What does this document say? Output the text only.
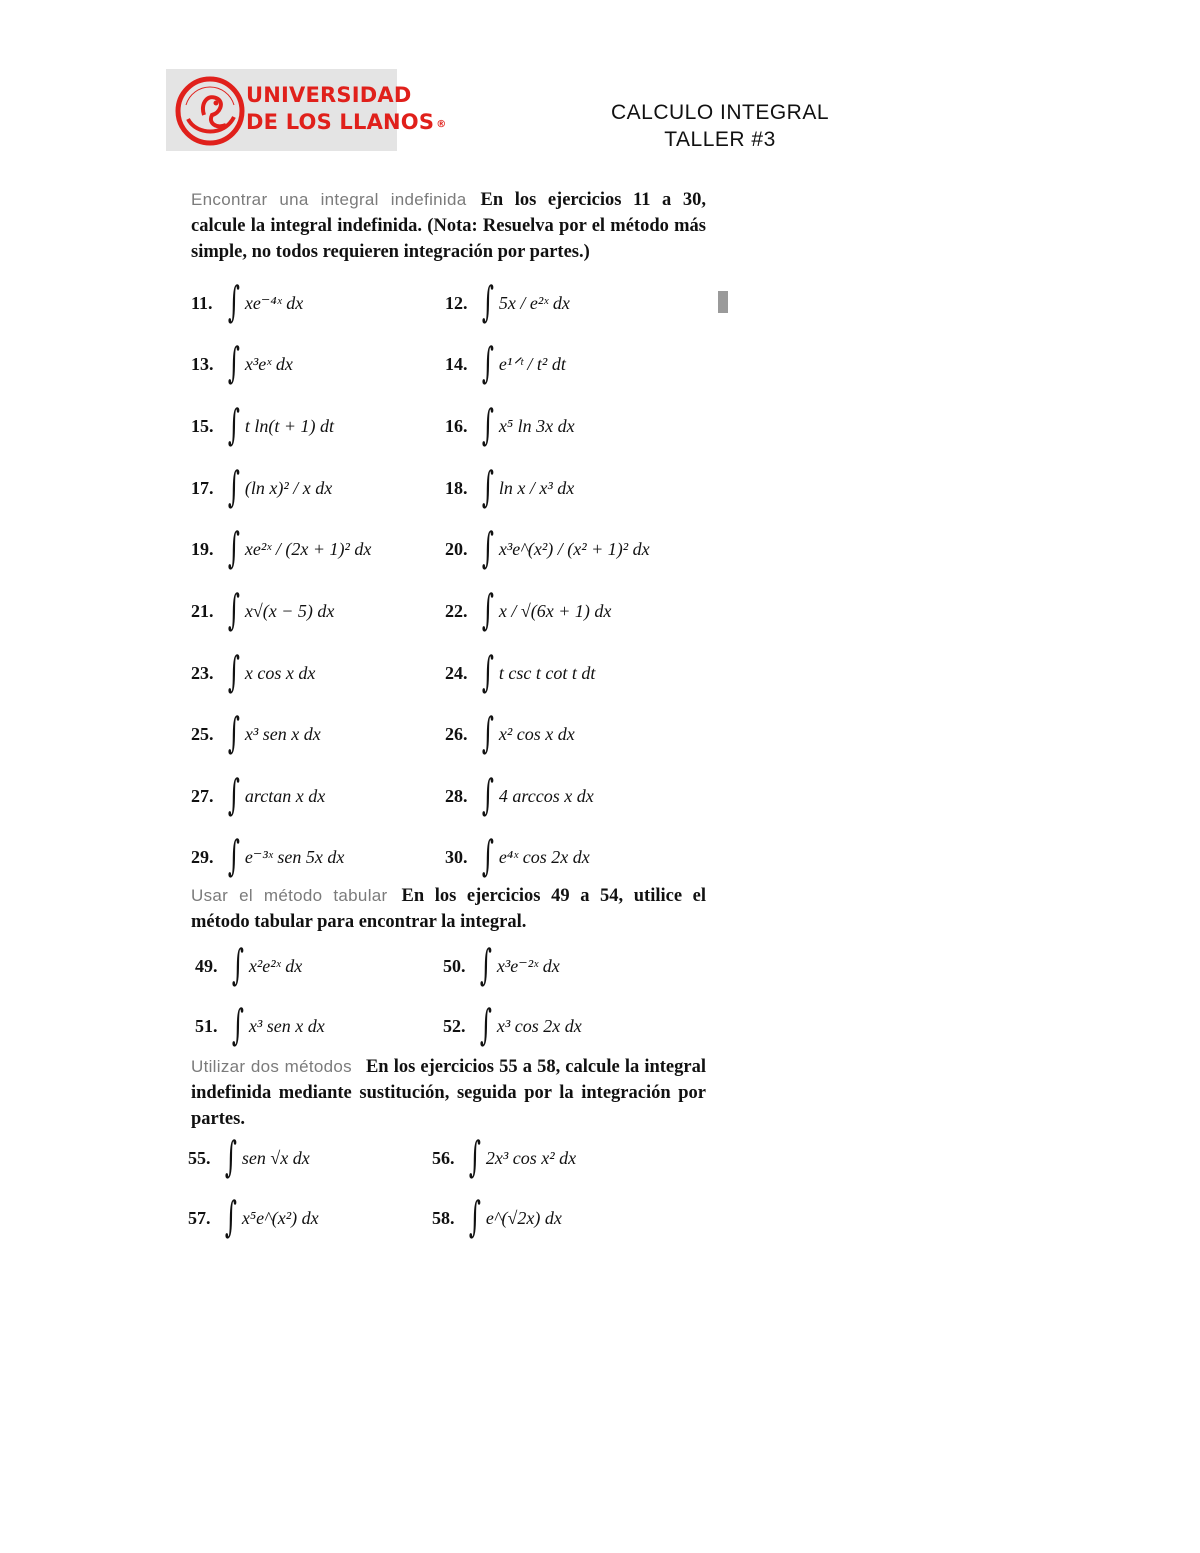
UNIVERSIDAD
DE LOS LLANOS ®
CALCULO INTEGRAL
TALLER #3
Encontrar una integral indefinida En los ejercicios 11 a 30, calcule la integral indefinida. (Nota: Resuelva por el método más simple, no todos requieren integración por partes.)
Usar el método tabular En los ejercicios 49 a 54, utilice el método tabular para encontrar la integral.
Utilizar dos métodos En los ejercicios 55 a 58, calcule la integral indefinida mediante sustitución, seguida por la integración por partes.
11. ∫ xe⁻⁴ˣ dx	12. ∫ 5x / e²ˣ dx
13. ∫ x³eˣ dx	14. ∫ e¹ᐟᵗ / t² dt
15. ∫ t ln(t + 1) dt	16. ∫ x⁵ ln 3x dx
17. ∫ (ln x)² / x dx	18. ∫ ln x / x³ dx
19. ∫ xe²ˣ / (2x + 1)² dx	20. ∫ x³e^(x²) / (x² + 1)² dx
21. ∫ x√(x − 5) dx	22. ∫ x / √(6x + 1) dx
23. ∫ x cos x dx	24. ∫ t csc t cot t dt
25. ∫ x³ sen x dx	26. ∫ x² cos x dx
27. ∫ arctan x dx	28. ∫ 4 arccos x dx
29. ∫ e⁻³ˣ sen 5x dx	30. ∫ e⁴ˣ cos 2x dx
49. ∫ x²e²ˣ dx	50. ∫ x³e⁻²ˣ dx
51. ∫ x³ sen x dx	52. ∫ x³ cos 2x dx
55. ∫ sen √x dx	56. ∫ 2x³ cos x² dx
57. ∫ x⁵e^(x²) dx	58. ∫ e^(√2x) dx
